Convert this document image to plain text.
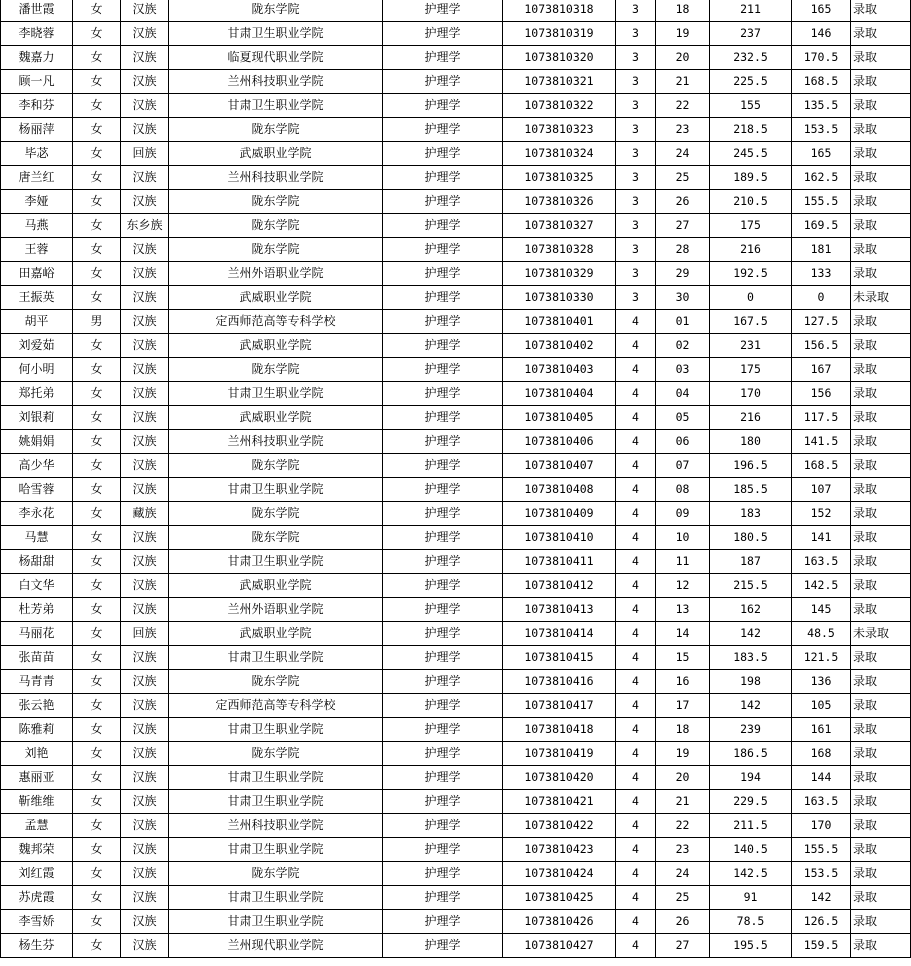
潘世霞	女	汉族	陇东学院	护理学	1073810318	3	18	211	165	录取
李晓蓉	女	汉族	甘肃卫生职业学院	护理学	1073810319	3	19	237	146	录取
魏嘉力	女	汉族	临夏现代职业学院	护理学	1073810320	3	20	232.5	170.5	录取
顾一凡	女	汉族	兰州科技职业学院	护理学	1073810321	3	21	225.5	168.5	录取
李和芬	女	汉族	甘肃卫生职业学院	护理学	1073810322	3	22	155	135.5	录取
杨丽萍	女	汉族	陇东学院	护理学	1073810323	3	23	218.5	153.5	录取
毕苾	女	回族	武威职业学院	护理学	1073810324	3	24	245.5	165	录取
唐兰红	女	汉族	兰州科技职业学院	护理学	1073810325	3	25	189.5	162.5	录取
李娅	女	汉族	陇东学院	护理学	1073810326	3	26	210.5	155.5	录取
马燕	女	东乡族	陇东学院	护理学	1073810327	3	27	175	169.5	录取
王蓉	女	汉族	陇东学院	护理学	1073810328	3	28	216	181	录取
田嘉峪	女	汉族	兰州外语职业学院	护理学	1073810329	3	29	192.5	133	录取
王振英	女	汉族	武威职业学院	护理学	1073810330	3	30	0	0	未录取
胡平	男	汉族	定西师范高等专科学校	护理学	1073810401	4	01	167.5	127.5	录取
刘爱茹	女	汉族	武威职业学院	护理学	1073810402	4	02	231	156.5	录取
何小明	女	汉族	陇东学院	护理学	1073810403	4	03	175	167	录取
郑托弟	女	汉族	甘肃卫生职业学院	护理学	1073810404	4	04	170	156	录取
刘银莉	女	汉族	武威职业学院	护理学	1073810405	4	05	216	117.5	录取
姚娟娟	女	汉族	兰州科技职业学院	护理学	1073810406	4	06	180	141.5	录取
高少华	女	汉族	陇东学院	护理学	1073810407	4	07	196.5	168.5	录取
哈雪蓉	女	汉族	甘肃卫生职业学院	护理学	1073810408	4	08	185.5	107	录取
李永花	女	藏族	陇东学院	护理学	1073810409	4	09	183	152	录取
马慧	女	汉族	陇东学院	护理学	1073810410	4	10	180.5	141	录取
杨甜甜	女	汉族	甘肃卫生职业学院	护理学	1073810411	4	11	187	163.5	录取
白文华	女	汉族	武威职业学院	护理学	1073810412	4	12	215.5	142.5	录取
杜芳弟	女	汉族	兰州外语职业学院	护理学	1073810413	4	13	162	145	录取
马丽花	女	回族	武威职业学院	护理学	1073810414	4	14	142	48.5	未录取
张苗苗	女	汉族	甘肃卫生职业学院	护理学	1073810415	4	15	183.5	121.5	录取
马青青	女	汉族	陇东学院	护理学	1073810416	4	16	198	136	录取
张云艳	女	汉族	定西师范高等专科学校	护理学	1073810417	4	17	142	105	录取
陈雅莉	女	汉族	甘肃卫生职业学院	护理学	1073810418	4	18	239	161	录取
刘艳	女	汉族	陇东学院	护理学	1073810419	4	19	186.5	168	录取
惠丽亚	女	汉族	甘肃卫生职业学院	护理学	1073810420	4	20	194	144	录取
靳维维	女	汉族	甘肃卫生职业学院	护理学	1073810421	4	21	229.5	163.5	录取
孟慧	女	汉族	兰州科技职业学院	护理学	1073810422	4	22	211.5	170	录取
魏邦荣	女	汉族	甘肃卫生职业学院	护理学	1073810423	4	23	140.5	155.5	录取
刘红霞	女	汉族	陇东学院	护理学	1073810424	4	24	142.5	153.5	录取
苏虎霞	女	汉族	甘肃卫生职业学院	护理学	1073810425	4	25	91	142	录取
李雪娇	女	汉族	甘肃卫生职业学院	护理学	1073810426	4	26	78.5	126.5	录取
杨生芬	女	汉族	兰州现代职业学院	护理学	1073810427	4	27	195.5	159.5	录取
